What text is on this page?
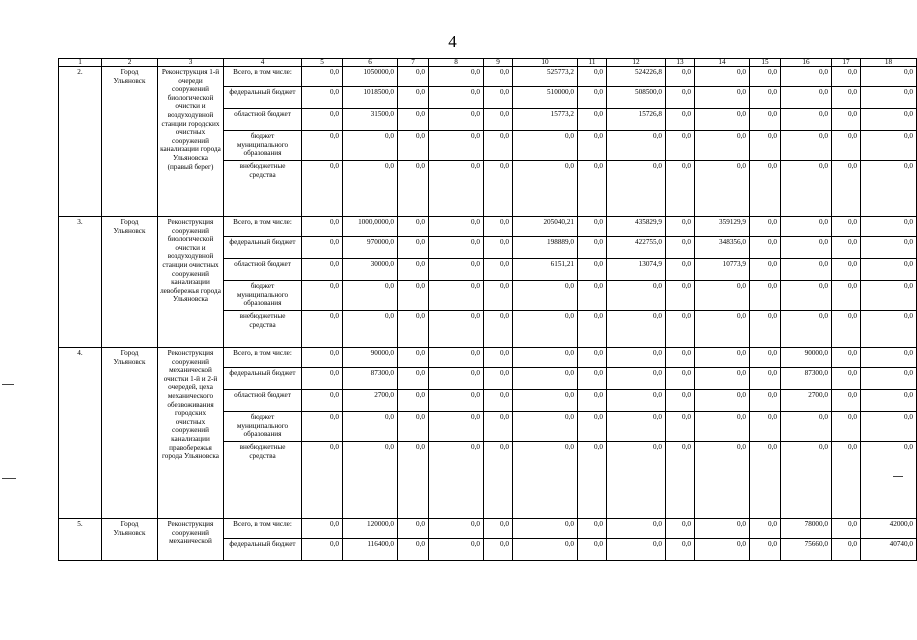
4
1	2	3	4	5	6	7	8	9	10	11	12	13	14	15	16	17	18
2.	Город Ульяновск	Реконструкция 1-й очереди сооружений биологической очистки и воздуходувной станции городских очистных сооружений канализации города Ульяновска (правый берег)	Всего, в том числе:	0,0	1050000,0	0,0	0,0	0,0	525773,2	0,0	524226,8	0,0	0,0	0,0	0,0	0,0	0,0
			федеральный бюджет	0,0	1018500,0	0,0	0,0	0,0	510000,0	0,0	508500,0	0,0	0,0	0,0	0,0	0,0	0,0
			областной бюджет	0,0	31500,0	0,0	0,0	0,0	15773,2	0,0	15726,8	0,0	0,0	0,0	0,0	0,0	0,0
			бюджет муниципального образования	0,0	0,0	0,0	0,0	0,0	0,0	0,0	0,0	0,0	0,0	0,0	0,0	0,0	0,0
			внебюджетные средства	0,0	0,0	0,0	0,0	0,0	0,0	0,0	0,0	0,0	0,0	0,0	0,0	0,0	0,0
3.	Город Ульяновск	Реконструкция сооружений биологической очистки и воздуходувной станции очистных сооружений канализации левобережья города Ульяновска	Всего, в том числе:	0,0	1000,0000,0	0,0	0,0	0,0	205040,21	0,0	435829,9	0,0	359129,9	0,0	0,0	0,0	0,0
			федеральный бюджет	0,0	970000,0	0,0	0,0	0,0	198889,0	0,0	422755,0	0,0	348356,0	0,0	0,0	0,0	0,0
			областной бюджет	0,0	30000,0	0,0	0,0	0,0	6151,21	0,0	13074,9	0,0	10773,9	0,0	0,0	0,0	0,0
			бюджет муниципального образования	0,0	0,0	0,0	0,0	0,0	0,0	0,0	0,0	0,0	0,0	0,0	0,0	0,0	0,0
			внебюджетные средства	0,0	0,0	0,0	0,0	0,0	0,0	0,0	0,0	0,0	0,0	0,0	0,0	0,0	0,0
4.	Город Ульяновск	Реконструкция сооружений механической очистки 1-й и 2-й очередей, цеха механического обезвоживания городских очистных сооружений канализации правобережья города Ульяновска	Всего, в том числе:	0,0	90000,0	0,0	0,0	0,0	0,0	0,0	0,0	0,0	0,0	0,0	90000,0	0,0	0,0
			федеральный бюджет	0,0	87300,0	0,0	0,0	0,0	0,0	0,0	0,0	0,0	0,0	0,0	87300,0	0,0	0,0
			областной бюджет	0,0	2700,0	0,0	0,0	0,0	0,0	0,0	0,0	0,0	0,0	0,0	2700,0	0,0	0,0
			бюджет муниципального образования	0,0	0,0	0,0	0,0	0,0	0,0	0,0	0,0	0,0	0,0	0,0	0,0	0,0	0,0
			внебюджетные средства	0,0	0,0	0,0	0,0	0,0	0,0	0,0	0,0	0,0	0,0	0,0	0,0	0,0	0,0
5.	Город Ульяновск	Реконструкция сооружений механической	Всего, в том числе:	0,0	120000,0	0,0	0,0	0,0	0,0	0,0	0,0	0,0	0,0	0,0	78000,0	0,0	42000,0
			федеральный бюджет	0,0	116400,0	0,0	0,0	0,0	0,0	0,0	0,0	0,0	0,0	0,0	75660,0	0,0	40740,0
